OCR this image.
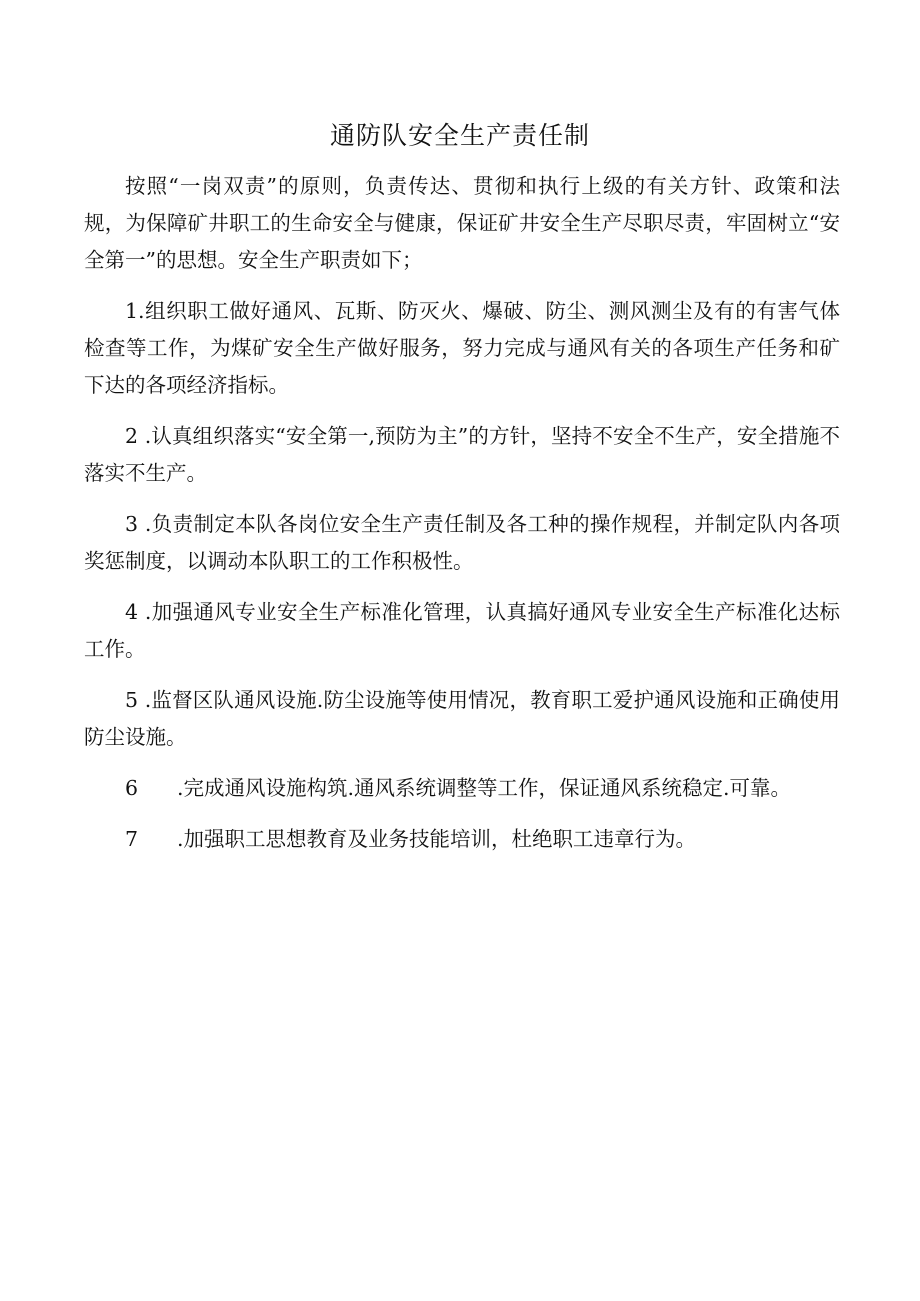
通防队安全生产责任制

按照“一岗双责”的原则，负责传达、贯彻和执行上级的有关方针、政策和法规，为保障矿井职工的生命安全与健康，保证矿井安全生产尽职尽责，牢固树立“安全第一”的思想。安全生产职责如下；

1.组织职工做好通风、瓦斯、防灭火、爆破、防尘、测风测尘及有的有害气体检查等工作，为煤矿安全生产做好服务，努力完成与通风有关的各项生产任务和矿下达的各项经济指标。

2 .认真组织落实“安全第一,预防为主”的方针，坚持不安全不生产，安全措施不落实不生产。

3 .负责制定本队各岗位安全生产责任制及各工种的操作规程，并制定队内各项奖惩制度，以调动本队职工的工作积极性。

4 .加强通风专业安全生产标准化管理，认真搞好通风专业安全生产标准化达标工作。

5 .监督区队通风设施.防尘设施等使用情况，教育职工爱护通风设施和正确使用防尘设施。

6 .完成通风设施构筑.通风系统调整等工作，保证通风系统稳定.可靠。

7 .加强职工思想教育及业务技能培训，杜绝职工违章行为。
